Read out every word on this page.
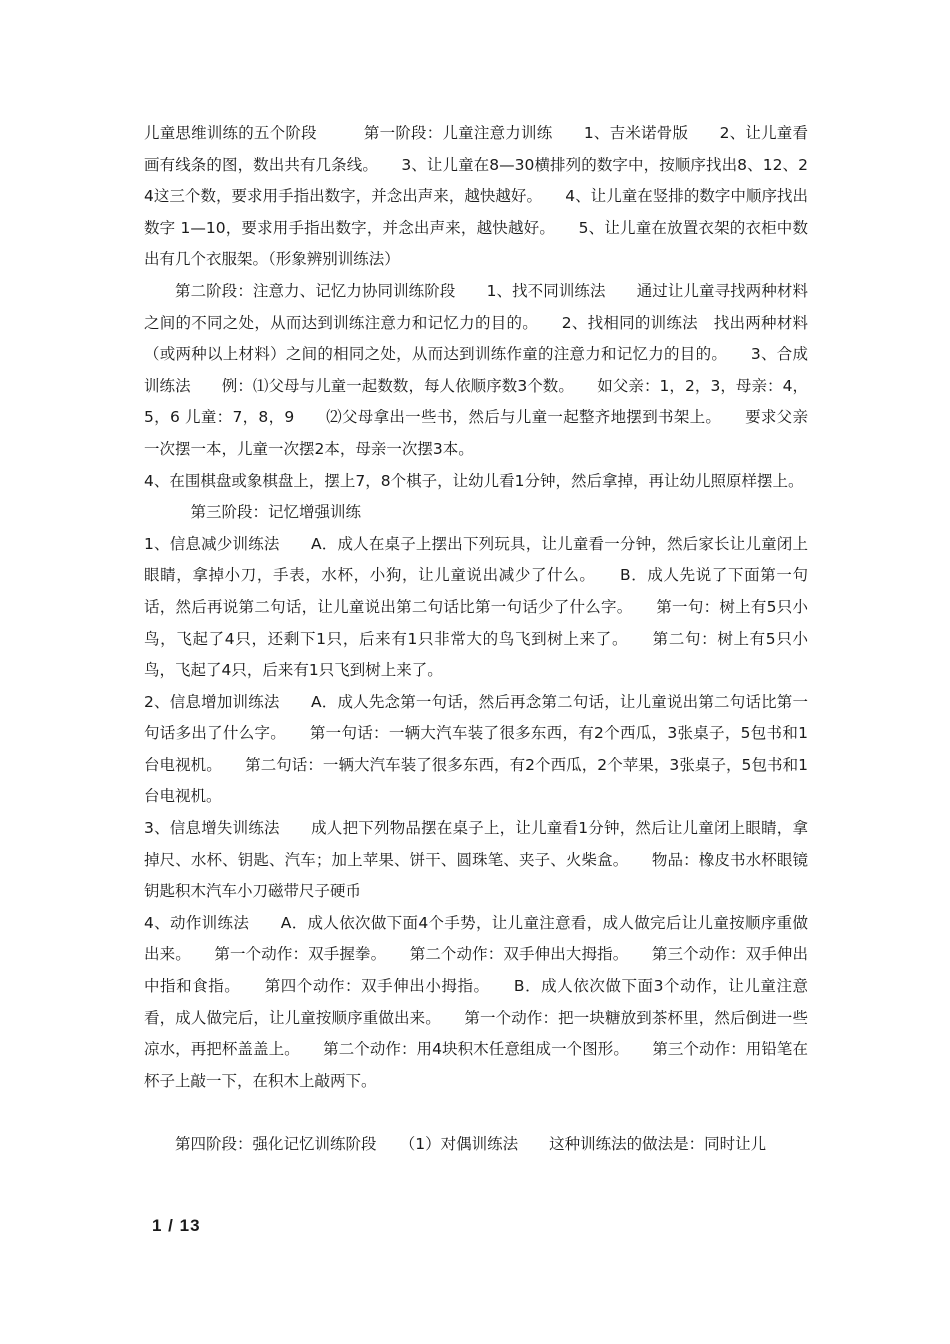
儿童思维训练的五个阶段　　　第一阶段：儿童注意力训练　　1、吉米诺骨版　　2、让儿童看画有线条的图，数出共有几条线。　　3、让儿童在8—30横排列的数字中，按顺序找出8、12、24这三个数，要求用手指出数字，并念出声来，越快越好。　　4、让儿童在竖排的数字中顺序找出数字 1—10，要求用手指出数字，并念出声来，越快越好。　　5、让儿童在放置衣架的衣柜中数出有几个衣服架。（形象辨别训练法）

第二阶段：注意力、记忆力协同训练阶段　　1、找不同训练法　　通过让儿童寻找两种材料之间的不同之处，从而达到训练注意力和记忆力的目的。　　2、找相同的训练法　找出两种材料（或两种以上材料）之间的相同之处，从而达到训练作童的注意力和记忆力的目的。　　3、合成训练法　　例：⑴父母与儿童一起数数，每人依顺序数3个数。　　如父亲：1，2，3，母亲：4，5，6 儿童：7，8，9　　⑵父母拿出一些书，然后与儿童一起整齐地摆到书架上。　　要求父亲一次摆一本，儿童一次摆2本，母亲一次摆3本。

4、在围棋盘或象棋盘上，摆上7，8个棋子，让幼儿看1分钟，然后拿掉，再让幼儿照原样摆上。

第三阶段：记忆增强训练

1、信息减少训练法　　A．成人在桌子上摆出下列玩具，让儿童看一分钟，然后家长让儿童闭上眼睛，拿掉小刀，手表，水杯，小狗，让儿童说出减少了什么。　　B．成人先说了下面第一句话，然后再说第二句话，让儿童说出第二句话比第一句话少了什么字。　　第一句：树上有5只小鸟，飞起了4只，还剩下1只，后来有1只非常大的鸟飞到树上来了。　　第二句：树上有5只小鸟，飞起了4只，后来有1只飞到树上来了。

2、信息增加训练法　　A．成人先念第一句话，然后再念第二句话，让儿童说出第二句话比第一句话多出了什么字。　　第一句话：一辆大汽车装了很多东西，有2个西瓜，3张桌子，5包书和1台电视机。　　第二句话：一辆大汽车装了很多东西，有2个西瓜，2个苹果，3张桌子，5包书和1台电视机。

3、信息增失训练法　　成人把下列物品摆在桌子上，让儿童看1分钟，然后让儿童闭上眼睛，拿掉尺、水杯、钥匙、汽车；加上苹果、饼干、圆珠笔、夹子、火柴盒。　　物品：橡皮书水杯眼镜钥匙积木汽车小刀磁带尺子硬币

4、动作训练法　　A．成人依次做下面4个手势，让儿童注意看，成人做完后让儿童按顺序重做出来。　　第一个动作：双手握拳。　　第二个动作：双手伸出大拇指。　　第三个动作：双手伸出中指和食指。　　第四个动作：双手伸出小拇指。　　B．成人依次做下面3个动作，让儿童注意看，成人做完后，让儿童按顺序重做出来。　　第一个动作：把一块糖放到茶杯里，然后倒进一些凉水，再把杯盖盖上。　　第二个动作：用4块积木任意组成一个图形。　　第三个动作：用铅笔在杯子上敲一下，在积木上敲两下。

第四阶段：强化记忆训练阶段　　（1）对偶训练法　　这种训练法的做法是：同时让儿

1 / 13
